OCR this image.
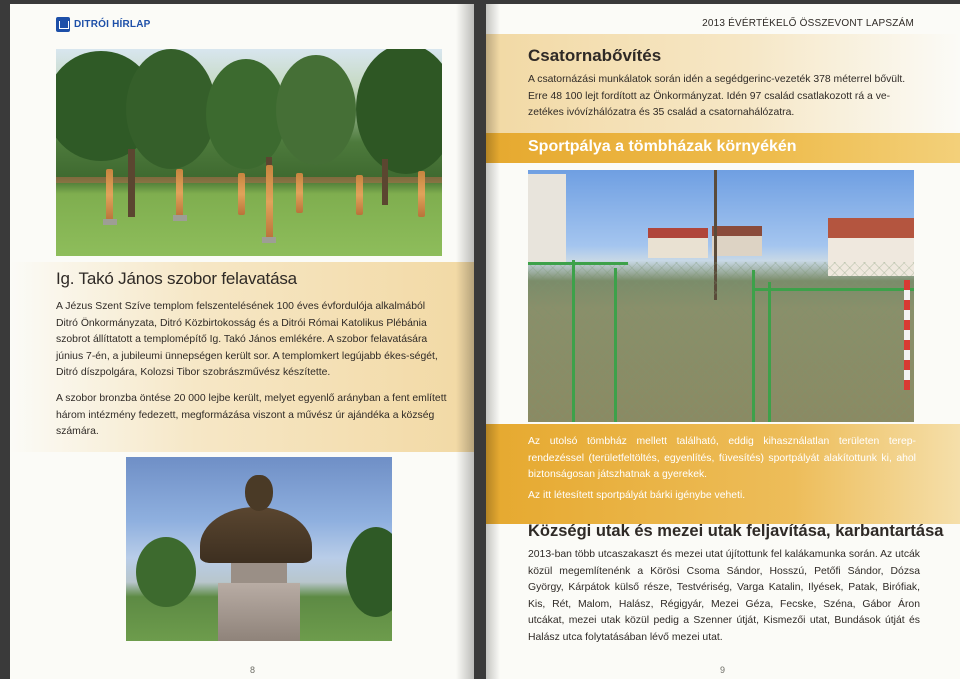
DITRÓI HÍRLAP
Ig. Takó János szobor felavatása

A Jézus Szent Szíve templom felszentelésének 100 éves évfordulója alkalmából Ditró Önkormányzata, Ditró Közbirtokosság és a Ditrói Római Katolikus Plébánia szobrot állíttatott a templomépítő Ig. Takó János emlékére. A szobor felavatására június 7-én, a jubileumi ünnepségen került sor. A templomkert legújabb ékes-ségét, Ditró díszpolgára, Kolozsi Tibor szobrászművész készítette.

A szobor bronzba öntése 20 000 lejbe került, melyet egyenlő arányban a fent említett három intézmény fedezett, megformázása viszont a művész úr ajándéka a község számára.

8
2013 ÉVÉRTÉKELŐ ÖSSZEVONT LAPSZÁM
Csatornabővítés

A csatornázási munkálatok során idén a segédgerinc-vezeték 378 méterrel bővült. Erre 48 100 lejt fordított az Önkormányzat. Idén 97 család csatlakozott rá a ve-zetékes ivóvízhálózatra és 35 család a csatornahálózatra.

Sportpálya a tömbházak környékén

Az utolsó tömbház mellett található, eddig kihasználatlan területen terep-rendezéssel (területfeltöltés, egyenlítés, füvesítés) sportpályát alakítottunk ki, ahol biztonságosan játszhatnak a gyerekek.

Az itt létesített sportpályát bárki igénybe veheti.

Községi utak és mezei utak feljavítása, karbantartása

2013-ban több utcaszakaszt és mezei utat újítottunk fel kalákamunka során. Az utcák közül megemlítenénk a Körösi Csoma Sándor, Hosszú, Petőfi Sándor, Dózsa György, Kárpátok külső része, Testvériség, Varga Katalin, Ilyések, Patak, Birófiak, Kis, Rét, Malom, Halász, Régigyár, Mezei Géza, Fecske, Széna, Gábor Áron utcákat, mezei utak közül pedig a Szenner útját, Kismezői utat, Bundások útját és Halász utca folytatásában lévő mezei utat.

9
